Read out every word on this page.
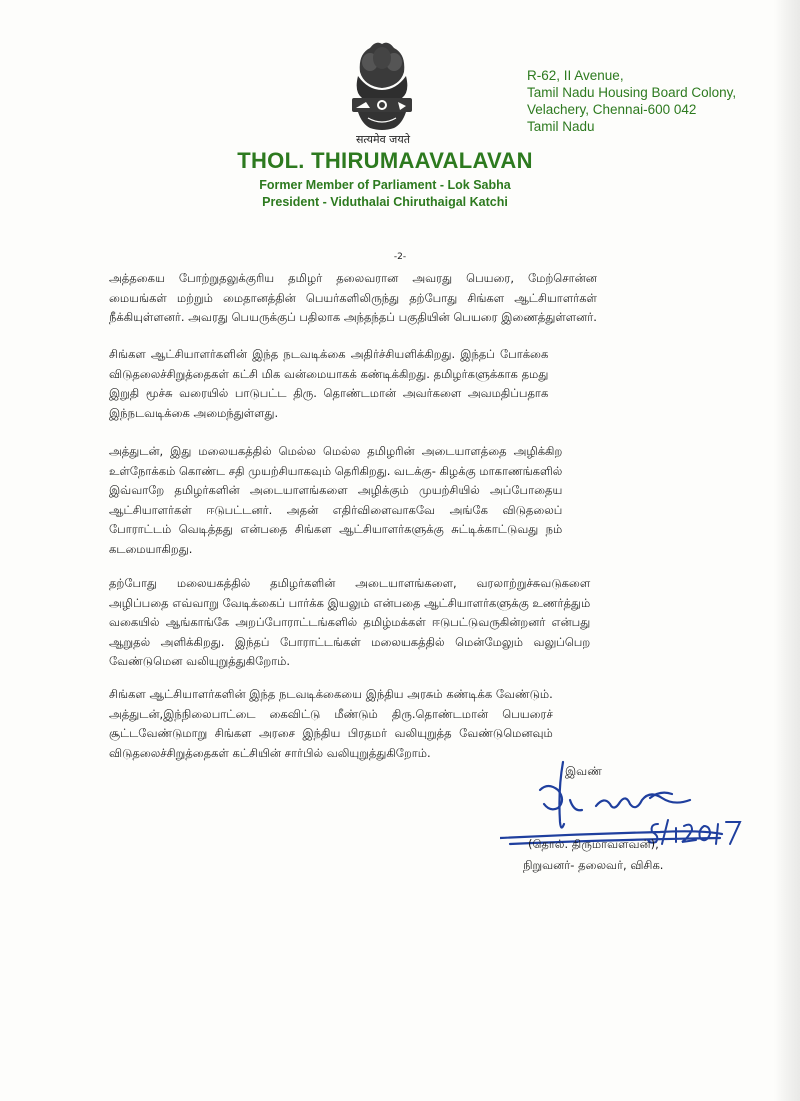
सत्यमेव जयते
THOL. THIRUMAAVALAVAN
Former Member of Parliament - Lok Sabha
President - Viduthalai Chiruthaigal Katchi
R-62, II Avenue,
Tamil Nadu Housing Board Colony,
Velachery, Chennai-600 042
Tamil Nadu
-2-
அத்தகைய போற்றுதலுக்குரிய தமிழர் தலைவரான அவரது பெயரை, மேற்சொன்ன
மையங்கள் மற்றும் மைதானத்தின் பெயர்களிலிருந்து தற்போது சிங்கள ஆட்சியாளர்கள்
நீக்கியுள்ளனர். அவரது பெயருக்குப் பதிலாக அந்தந்தப் பகுதியின் பெயரை இணைத்துள்ளனர்.
சிங்கள ஆட்சியாளர்களின் இந்த நடவடிக்கை அதிர்ச்சியளிக்கிறது. இந்தப் போக்கை
விடுதலைச்சிறுத்தைகள் கட்சி மிக வன்மையாகக் கண்டிக்கிறது. தமிழர்களுக்காக தமது
இறுதி மூச்சு வரையில் பாடுபட்ட திரு. தொண்டமான் அவர்களை அவமதிப்பதாக
இந்நடவடிக்கை அமைந்துள்ளது.
அத்துடன், இது மலையகத்தில் மெல்ல மெல்ல தமிழரின் அடையாளத்தை அழிக்கிற
உள்நோக்கம் கொண்ட சதி முயற்சியாகவும் தெரிகிறது. வடக்கு- கிழக்கு மாகாணங்களில்
இவ்வாறே தமிழர்களின் அடையாளங்களை அழிக்கும் முயற்சியில் அப்போதைய
ஆட்சியாளர்கள் ஈடுபட்டனர். அதன் எதிர்விளைவாகவே அங்கே விடுதலைப்
போராட்டம் வெடித்தது என்பதை சிங்கள ஆட்சியாளர்களுக்கு சுட்டிக்காட்டுவது நம்
கடமையாகிறது.
தற்போது மலையகத்தில் தமிழர்களின் அடையாளங்களை, வரலாற்றுச்சுவடுகளை
அழிப்பதை எவ்வாறு வேடிக்கைப் பார்க்க இயலும் என்பதை ஆட்சியாளர்களுக்கு உணர்த்தும்
வகையில் ஆங்காங்கே அறப்போராட்டங்களில் தமிழ்மக்கள் ஈடுபட்டுவருகின்றனர் என்பது
ஆறுதல் அளிக்கிறது. இந்தப் போராட்டங்கள் மலையகத்தில் மென்மேலும் வலுப்பெற
வேண்டுமென வலியுறுத்துகிறோம்.
சிங்கள ஆட்சியாளர்களின் இந்த நடவடிக்கையை இந்திய அரசும் கண்டிக்க வேண்டும்.
அத்துடன்,இந்நிலைபாட்டை கைவிட்டு மீண்டும் திரு.தொண்டமான் பெயரைச்
சூட்டவேண்டுமாறு சிங்கள அரசை இந்திய பிரதமர் வலியுறுத்த வேண்டுமெனவும்
விடுதலைச்சிறுத்தைகள் கட்சியின் சார்பில் வலியுறுத்துகிறோம்.
இவண்
(தொல். திருமாவளவன்),
நிறுவனர்- தலைவர், விசிக.
